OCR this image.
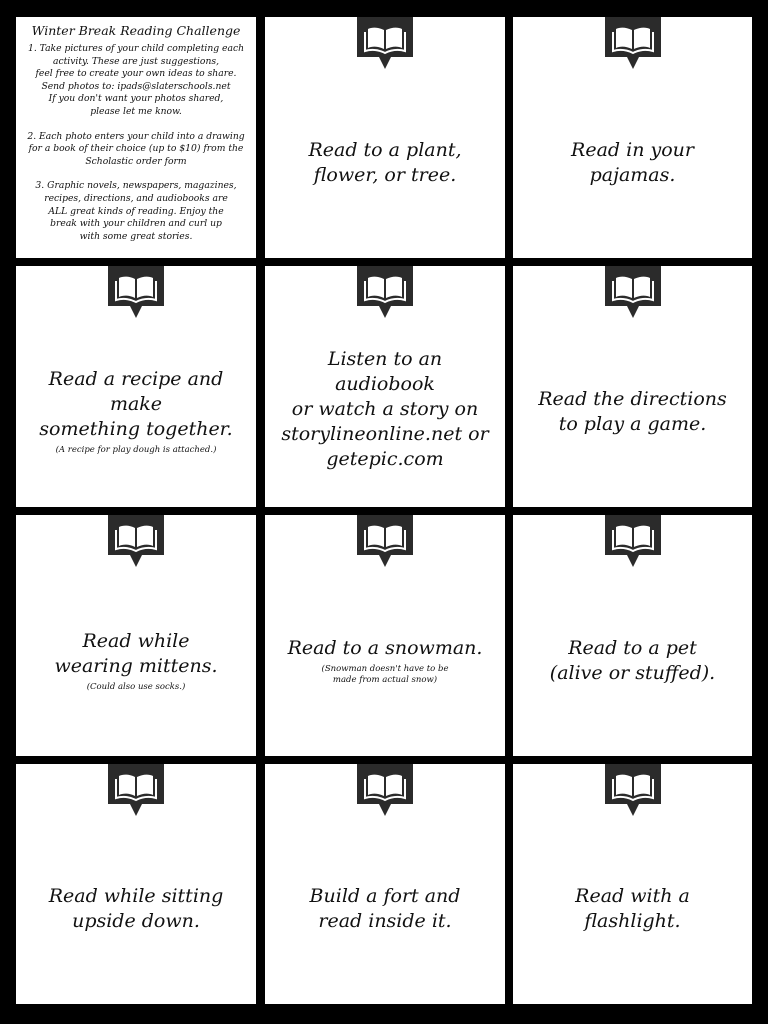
Winter Break Reading Challenge
1. Take pictures of your child completing each
activity. These are just suggestions,
feel free to create your own ideas to share.
Send photos to: ipads@slaterschools.net
If you don't want your photos shared,
please let me know.
2. Each photo enters your child into a drawing
for a book of their choice (up to $10) from the
Scholastic order form
3. Graphic novels, newspapers, magazines,
recipes, directions, and audiobooks are
ALL great kinds of reading. Enjoy the
break with your children and curl up
with some great stories.
Read to a plant,
flower, or tree.
Read in your
pajamas.
Read a recipe and make
something together.
(A recipe for play dough is attached.)
Listen to an audiobook
or watch a story on
storylineonline.net or
getepic.com
Read the directions
to play a game.
Read while
wearing mittens.
(Could also use socks.)
Read to a snowman.
(Snowman doesn't have to be
made from actual snow)
Read to a pet
(alive or stuffed).
Read while sitting
upside down.
Build a fort and
read inside it.
Read with a
flashlight.
